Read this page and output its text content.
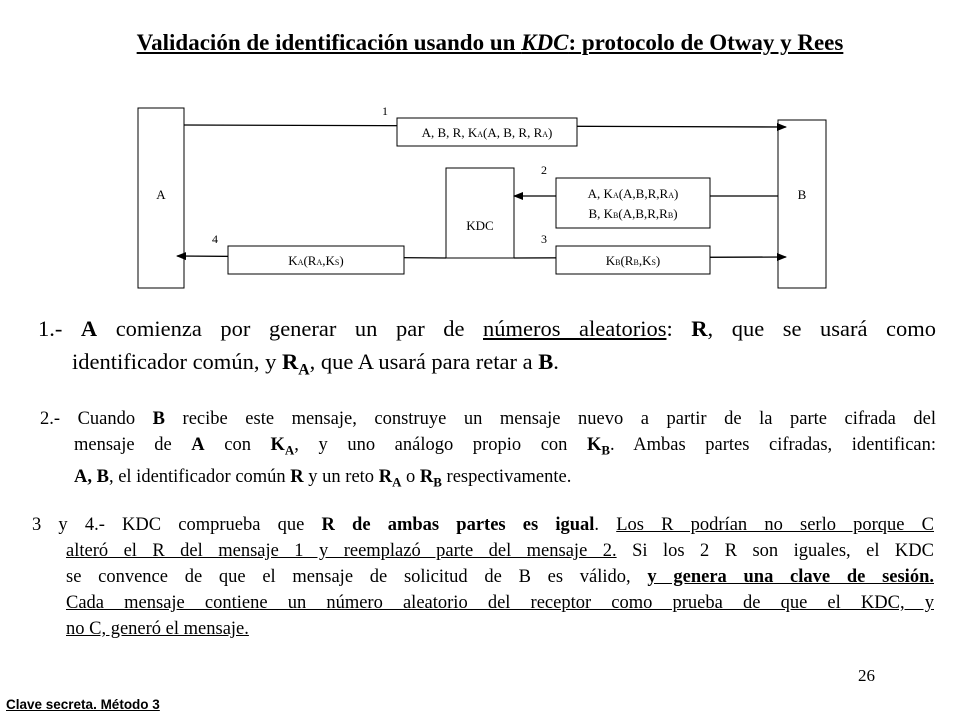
Validación de identificación usando un KDC: protocolo de Otway y Rees
A	B
KDC
1
A, B, R, KA(A, B, R, RA)
2
A, KA(A,B,R,RA)
B, KB(A,B,R,RB)
3
KB(RB,KS)
4
KA(RA,KS)
1.- A comienza por generar un par de números aleatorios: R, que se usará como
identificador común, y $R_A$, que A usará para retar a B.
2.- Cuando B recibe este mensaje, construye un mensaje nuevo a partir de la parte cifrada del
mensaje de A con $K_A$, y uno análogo propio con $K_B$. Ambas partes cifradas, identifican:
A, B, el identificador común R y un reto $R_A$ o $R_B$ respectivamente.
3 y 4.- KDC comprueba que R de ambas partes es igual. Los R podrían no serlo porque C
alteró el R del mensaje 1 y reemplazó parte del mensaje 2. Si los 2 R son iguales, el KDC
se convence de que el mensaje de solicitud de B es válido, y genera una clave de sesión.
Cada mensaje contiene un número aleatorio del receptor como prueba de que el KDC, y
no C, generó el mensaje.
26
Clave secreta. Método 3
